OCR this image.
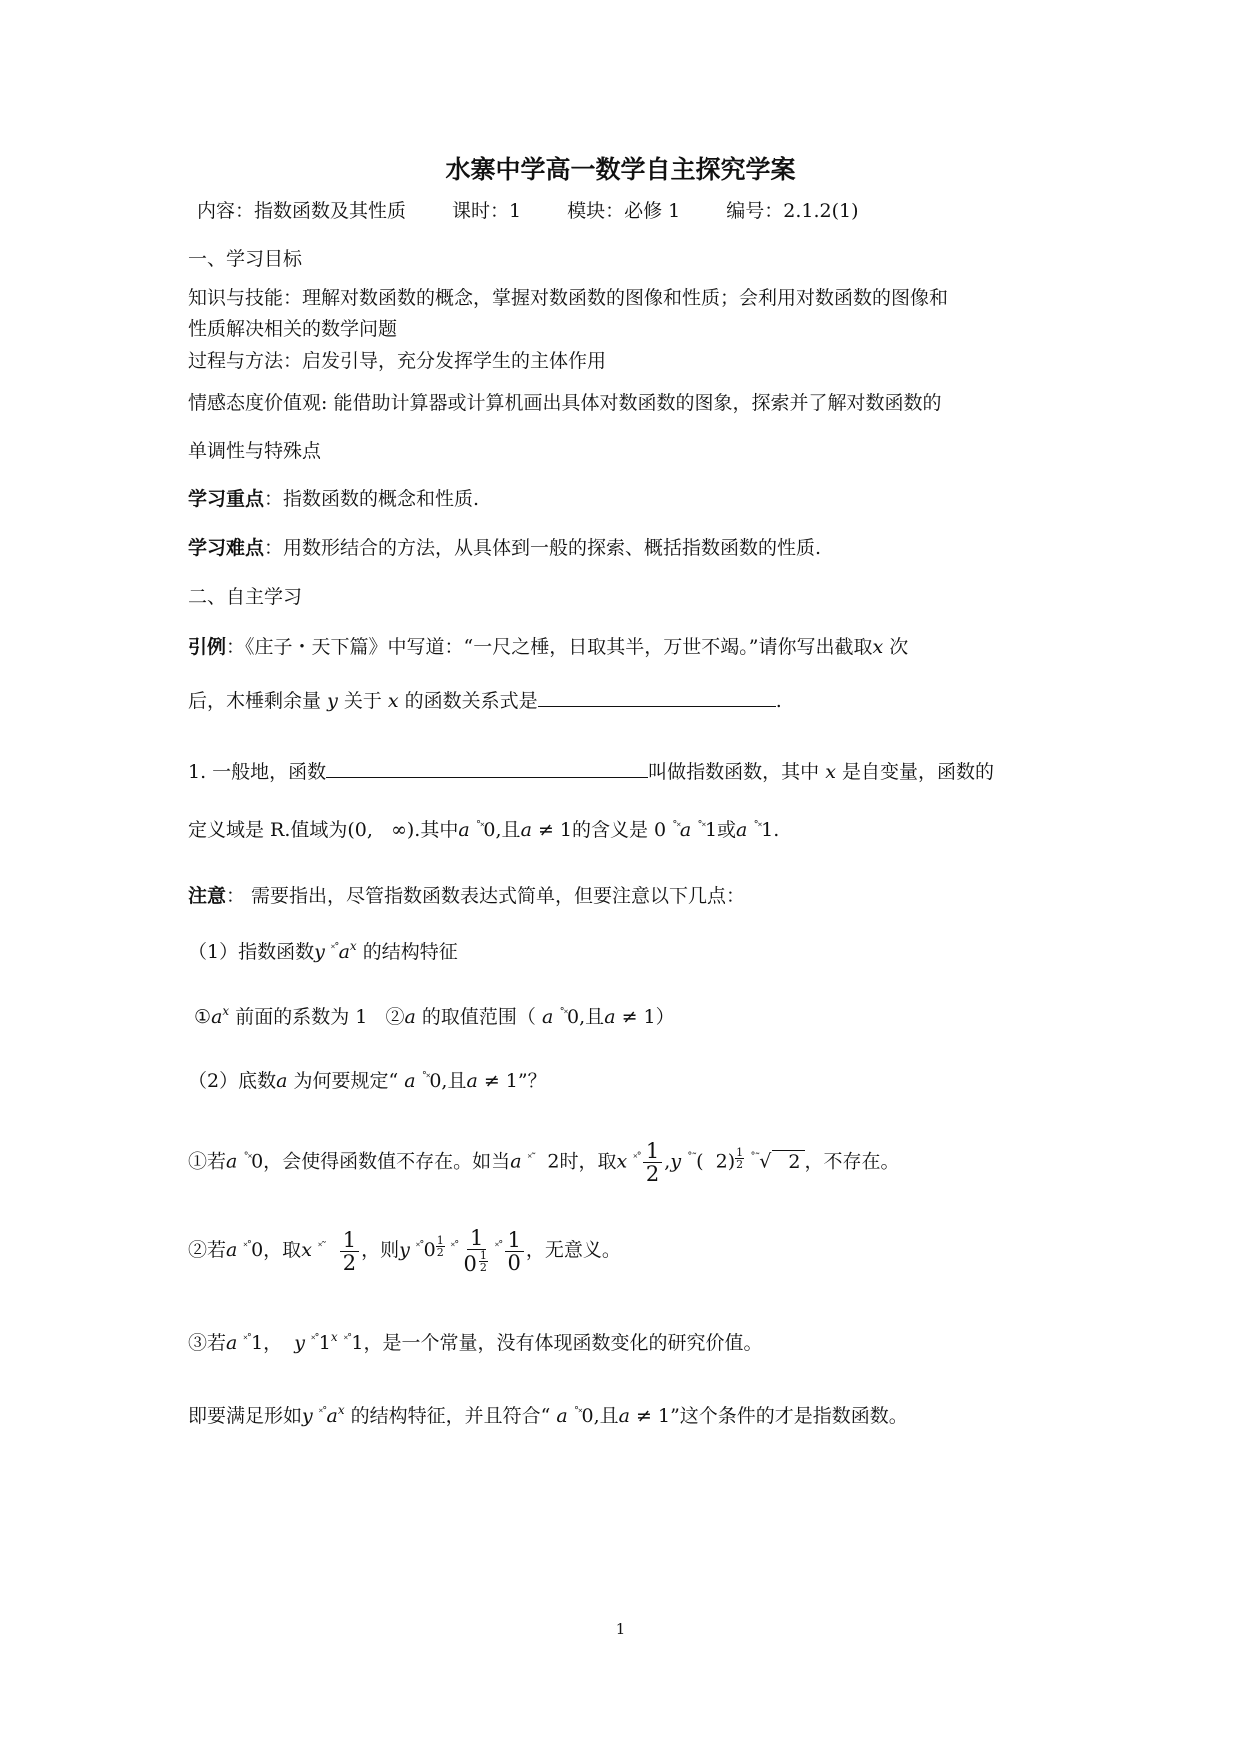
水寨中学高一数学自主探究学案
内容：指数函数及其性质 课时：1 模块：必修 1 编号：2.1.2(1)
一、学习目标
知识与技能：理解对数函数的概念，掌握对数函数的图像和性质；会利用对数函数的图像和
性质解决相关的数学问题
过程与方法：启发引导，充分发挥学生的主体作用
情感态度价值观: 能借助计算器或计算机画出具体对数函数的图象，探索并了解对数函数的
单调性与特殊点
学习重点：指数函数的概念和性质.
学习难点：用数形结合的方法，从具体到一般的探索、概括指数函数的性质.
二、自主学习
引例：《庄子・天下篇》中写道：“一尺之棰，日取其半，万世不竭。”请你写出截取x 次
后，木棰剩余量 y 关于 x 的函数关系式是	.
1. 一般地，函数	叫做指数函数，其中 x 是自变量，函数的
定义域是 R.值域为(0, ∞).其中a ˚˟0,且a ≠ 1的含义是 0 ˚˟a ˚˟1或a ˚˟1.
注意： 需要指出，尽管指数函数表达式简单，但要注意以下几点：
（1）指数函数y $^{˟˚}a^x$ 的结构特征
$①a^x$ 前面的系数为 1 ②a 的取值范围（ a ˚˟0,且a ≠ 1）
（2）底数a 为何要规定“ a ˚˟0,且a ≠ 1”？
①若a ˚˟0，会使得函数值不存在。如当a ˟˜ 2时，取x $^{˟˚} \frac{1}{2} ,y$ ˚˜( $2) \frac{1}{2} ^{˚˜}√$ 2 ，不存在。
②若a ˟˚0，取x $^{˟˜} \frac{1}{2}$ ，则y $^{˟˚}0 \frac{1}{2} ^{˟˚} \frac{1}{0 \frac{1}{2}} ^{˟˚} \frac{1}{0}$ ，无意义。
③若a ˟˚1， y ˟˚1$^x$ ˟˚1，是一个常量，没有体现函数变化的研究价值。
即要满足形如y $^{˟˚}a^x$ 的结构特征，并且符合“ a ˚˟0,且a ≠ 1”这个条件的才是指数函数。
1
